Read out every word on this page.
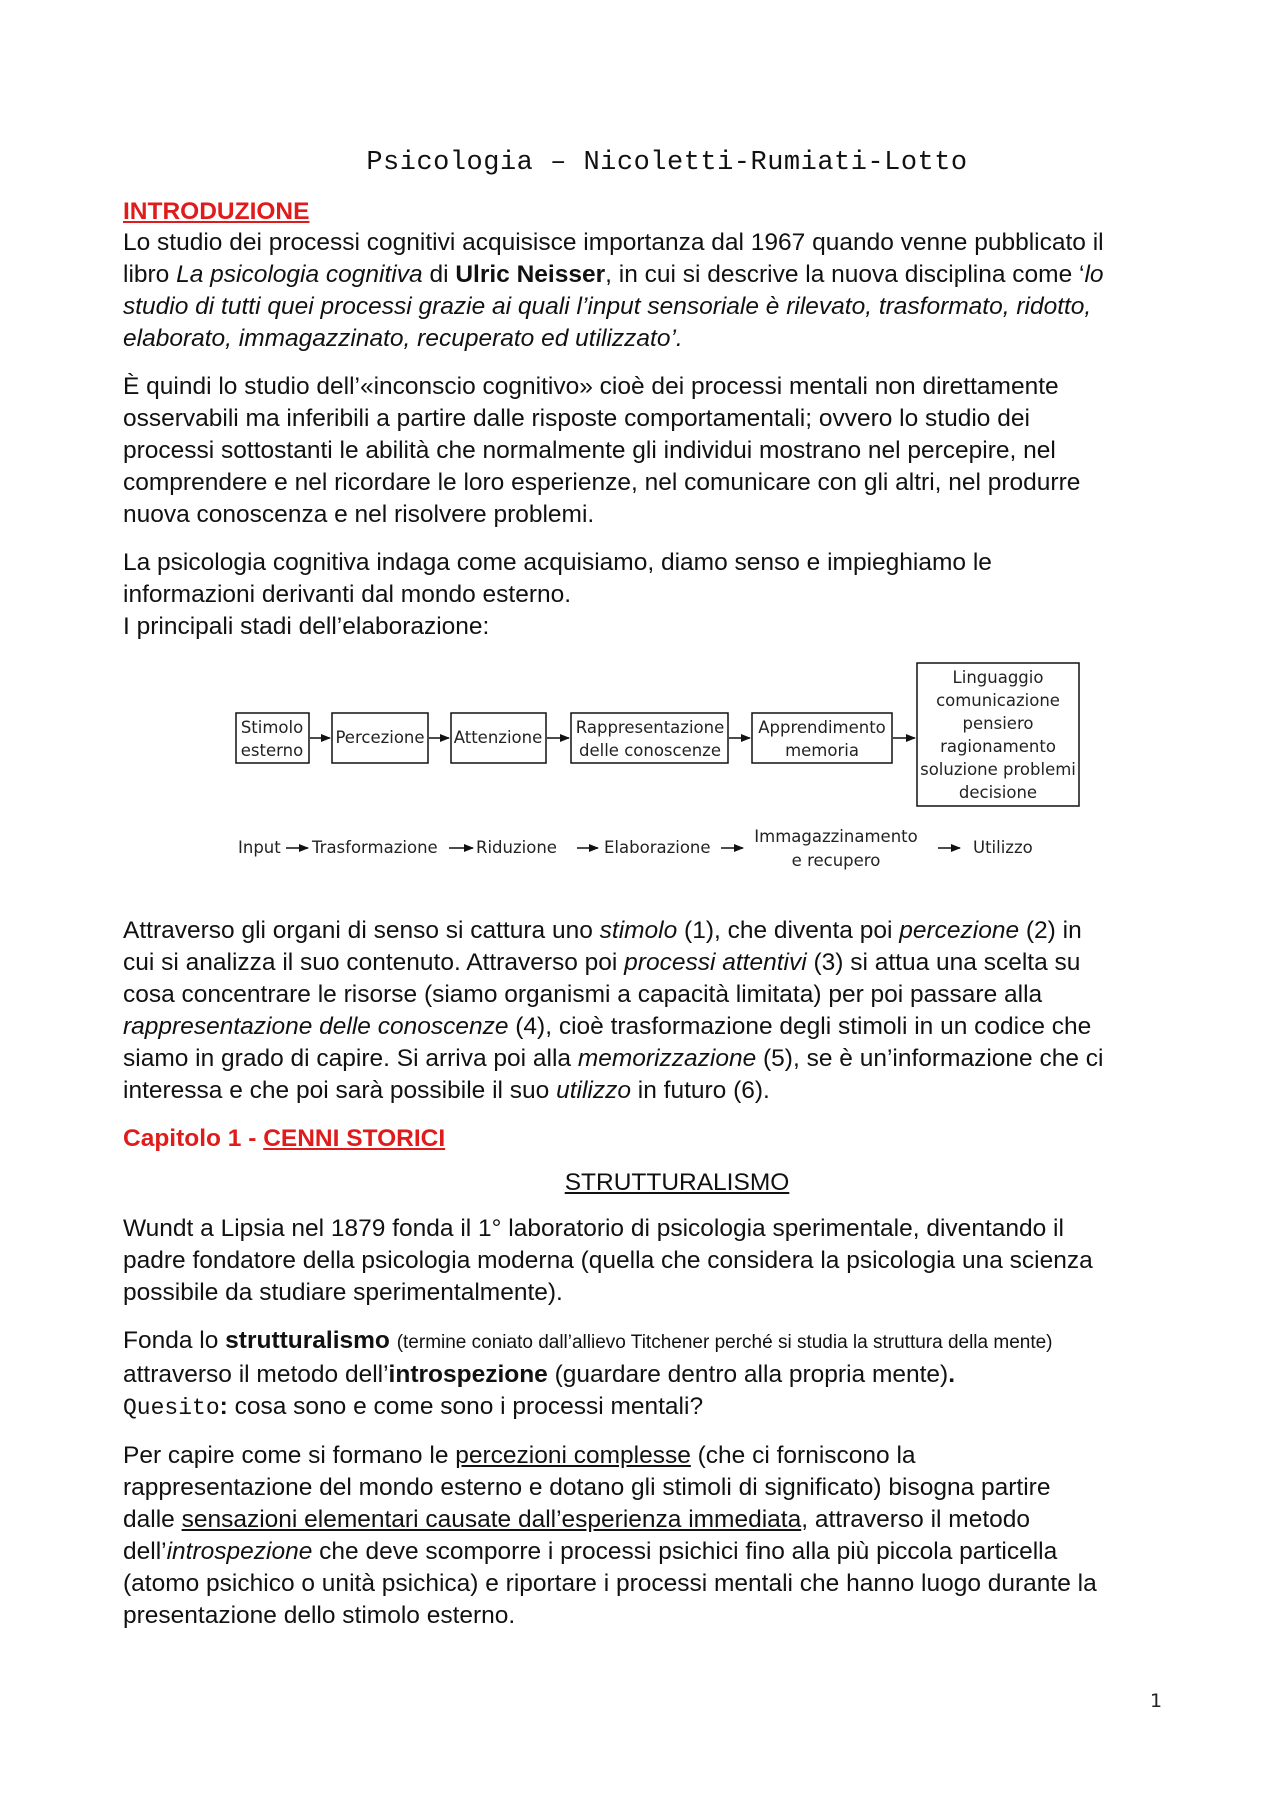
Psicologia – Nicoletti-Rumiati-Lotto
INTRODUZIONE

Lo studio dei processi cognitivi acquisisce importanza dal 1967 quando venne pubblicato il
libro La psicologia cognitiva di Ulric Neisser, in cui si descrive la nuova disciplina come ‘lo
studio di tutti quei processi grazie ai quali l’input sensoriale è rilevato, trasformato, ridotto, elaborato, immagazzinato, recuperato ed utilizzato’.

È quindi lo studio dell’«inconscio cognitivo» cioè dei processi mentali non direttamente
osservabili ma inferibili a partire dalle risposte comportamentali; ovvero lo studio dei
processi sottostanti le abilità che normalmente gli individui mostrano nel percepire, nel
comprendere e nel ricordare le loro esperienze, nel comunicare con gli altri, nel produrre
nuova conoscenza e nel risolvere problemi.

La psicologia cognitiva indaga come acquisiamo, diamo senso e impieghiamo le
informazioni derivanti dal mondo esterno.
I principali stadi dell’elaborazione:

Attraverso gli organi di senso si cattura uno stimolo (1), che diventa poi percezione (2) in
cui si analizza il suo contenuto. Attraverso poi processi attentivi (3) si attua una scelta su
cosa concentrare le risorse (siamo organismi a capacità limitata) per poi passare alla
rappresentazione delle conoscenze (4), cioè trasformazione degli stimoli in un codice che
siamo in grado di capire. Si arriva poi alla memorizzazione (5), se è un’informazione che ci
interessa e che poi sarà possibile il suo utilizzo in futuro (6).

Capitolo 1 - CENNI STORICI
STRUTTURALISMO

Wundt a Lipsia nel 1879 fonda il 1° laboratorio di psicologia sperimentale, diventando il
padre fondatore della psicologia moderna (quella che considera la psicologia una scienza
possibile da studiare sperimentalmente).

Fonda lo strutturalismo (termine coniato dall’allievo Titchener perché si studia la struttura della mente)
attraverso il metodo dell’introspezione (guardare dentro alla propria mente).
Quesito: cosa sono e come sono i processi mentali?

Per capire come si formano le percezioni complesse (che ci forniscono la
rappresentazione del mondo esterno e dotano gli stimoli di significato) bisogna partire
dalle sensazioni elementari causate dall’esperienza immediata, attraverso il metodo
dell’introspezione che deve scomporre i processi psichici fino alla più piccola particella
(atomo psichico o unità psichica) e riportare i processi mentali che hanno luogo durante la
presentazione dello stimolo esterno.

Stimolo
esterno
Percezione Attenzione
Rappresentazione
delle conoscenze
Apprendimento
memoria
Linguaggio
comunicazione
pensiero
ragionamento
soluzione problemi
decisione
Input Trasformazione Riduzione	Elaborazione
Immagazzinamento
e recupero
Utilizzo
1
